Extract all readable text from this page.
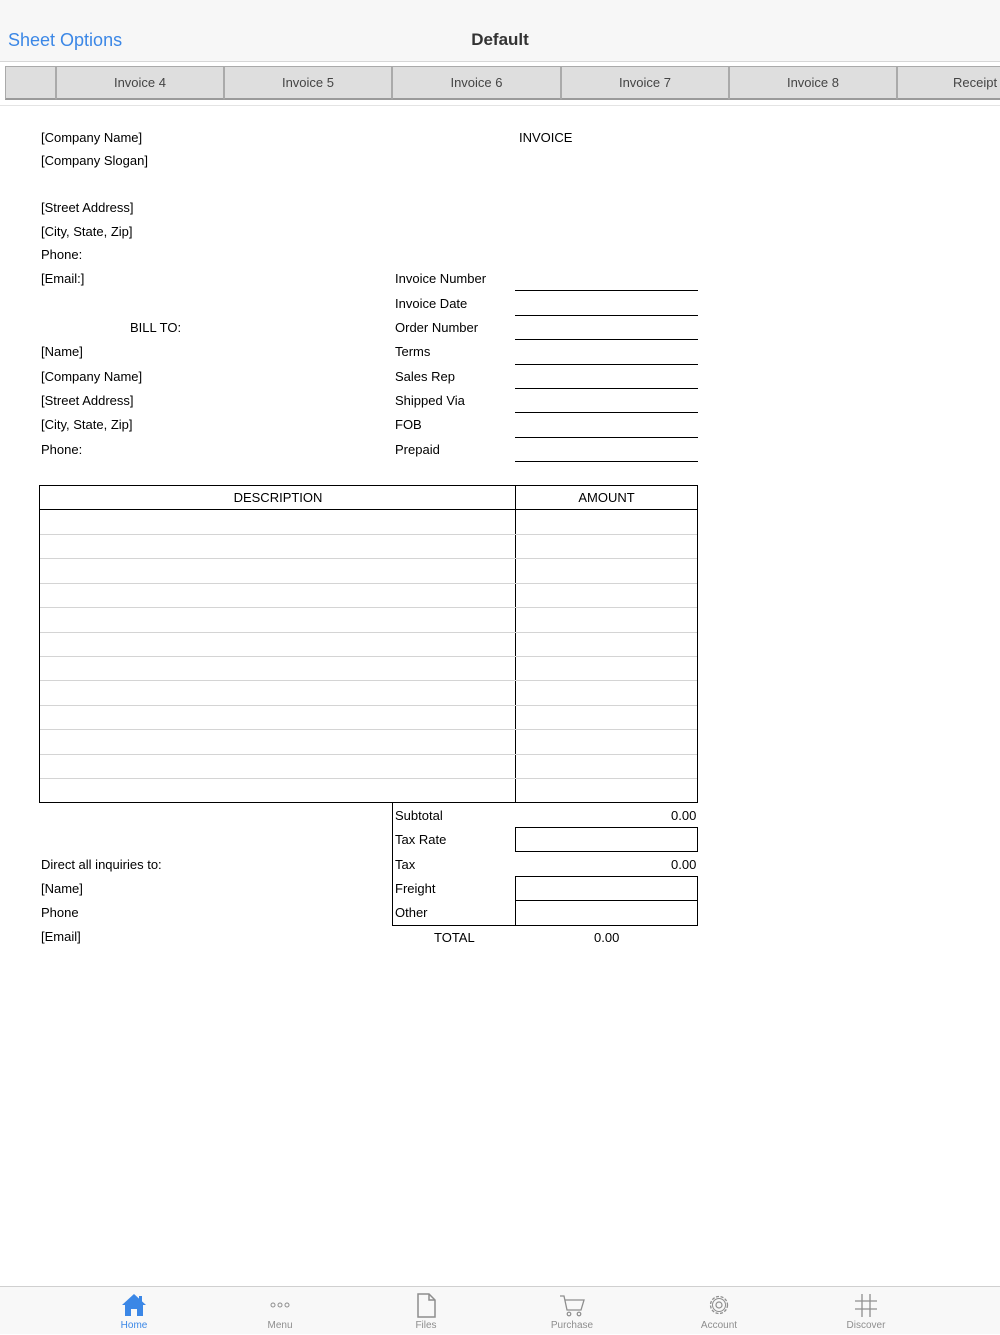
Sheet Options	Default
Invoice 4	Invoice 5	Invoice 6	Invoice 7	Invoice 8	Receipt
[Company Name]
[Company Slogan]
INVOICE
[Street Address]
[City, State, Zip]
Phone:
[Email:]	Invoice Number
Invoice Date
Order Number
Terms
Sales Rep
Shipped Via
FOB
Prepaid
BILL TO:
[Name]
[Company Name]
[Street Address]
[City, State, Zip]
Phone:
DESCRIPTION	AMOUNT
Subtotal	0.00
Tax Rate
Tax	0.00
Freight
Other
TOTAL	0.00
Direct all inquiries to:
[Name]
Phone
[Email]
Home	Menu	Files	Purchase	Account	Discover
